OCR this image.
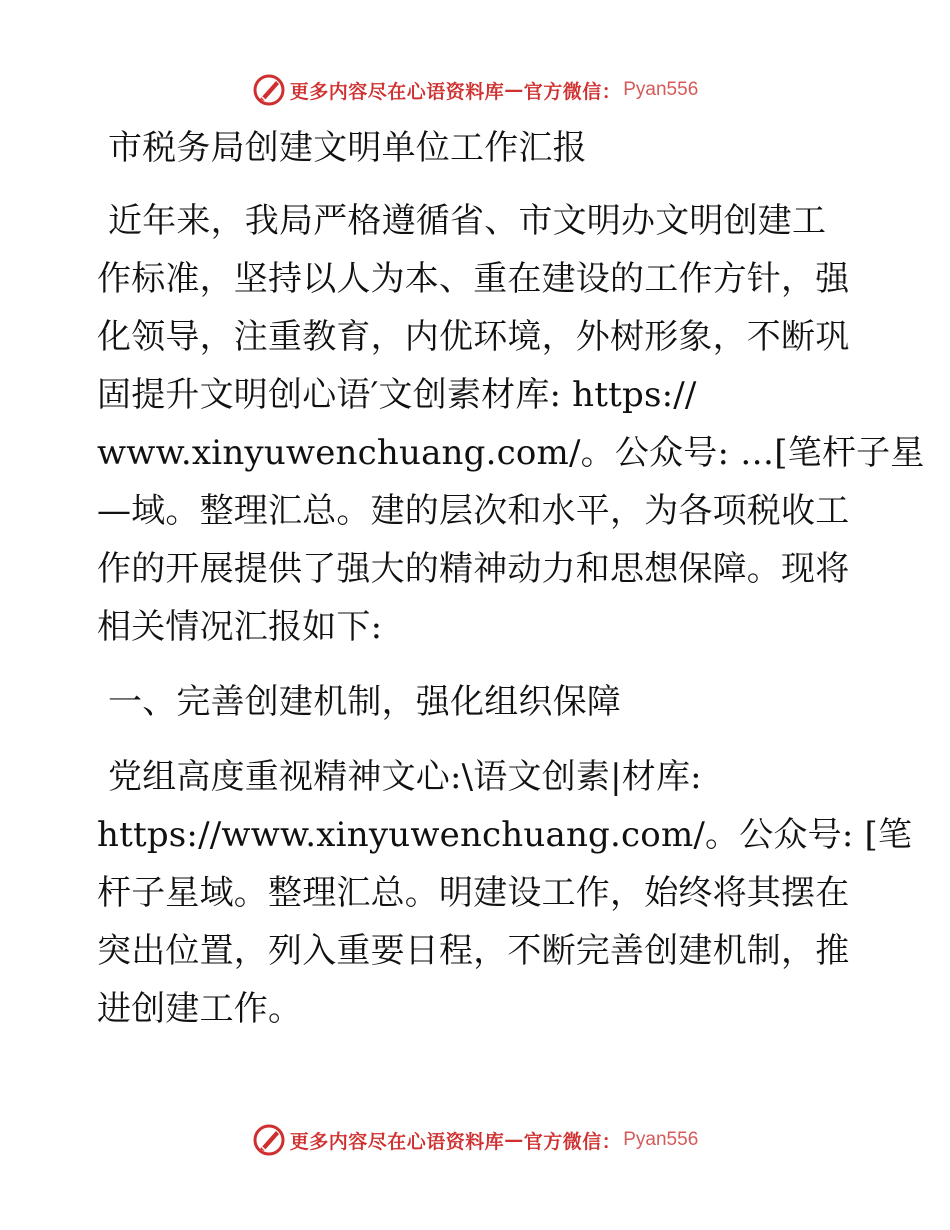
更多内容尽在心语资料库 — 官方微信： Pyan556
市税务局创建文明单位工作汇报
近年来，我局严格遵循省、市文明办文明创建工
作标准，坚持以人为本、重在建设的工作方针，强
化领导，注重教育，内优环境，外树形象，不断巩
固提升文明创心语′文创素材库: https://
www.xinyuwenchuang.com/。公众号: …[笔杆子星
—域。整理汇总。建的层次和水平，为各项税收工
作的开展提供了强大的精神动力和思想保障。现将
相关情况汇报如下:
一、完善创建机制，强化组织保障
党组高度重视精神文心:\语文创素|材库:
https://www.xinyuwenchuang.com/。公众号: [笔
杆子星域。整理汇总。明建设工作，始终将其摆在
突出位置，列入重要日程，不断完善创建机制，推
进创建工作。
更多内容尽在心语资料库 — 官方微信： Pyan556
